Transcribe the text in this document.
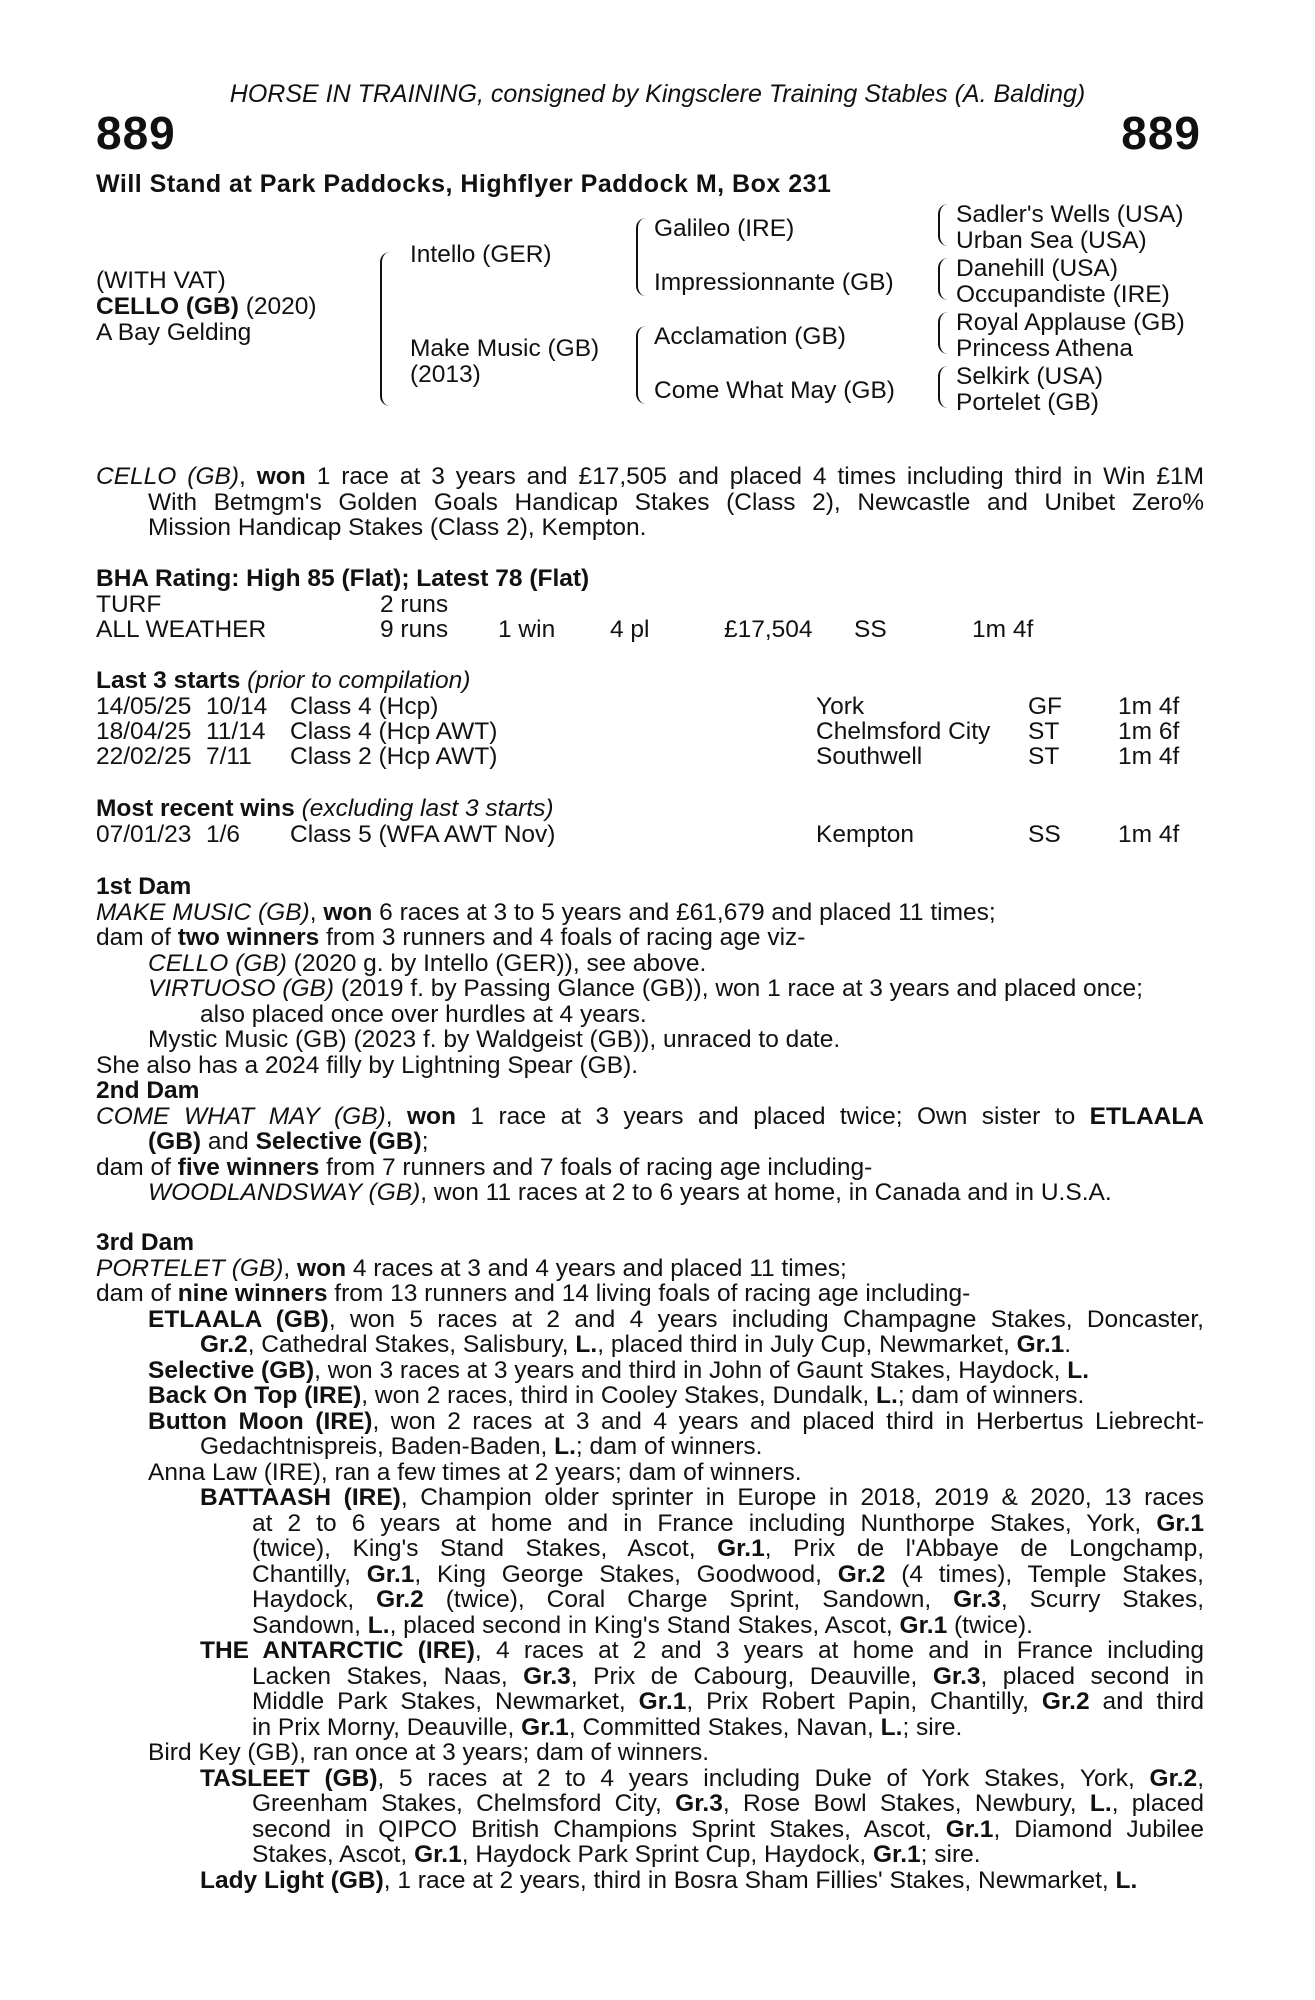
HORSE IN TRAINING, consigned by Kingsclere Training Stables (A. Balding)
889	889
Will Stand at Park Paddocks, Highflyer Paddock M, Box 231
(WITH VAT)
CELLO (GB) (2020)
A Bay Gelding
Intello (GER)
Make Music (GB)
(2013)
Galileo (IRE)
Impressionnante (GB)
Acclamation (GB)
Come What May (GB)
Sadler's Wells (USA)
Urban Sea (USA)
Danehill (USA)
Occupandiste (IRE)
Royal Applause (GB)
Princess Athena
Selkirk (USA)
Portelet (GB)

CELLO (GB), won 1 race at 3 years and £17,505 and placed 4 times including third in Win £1M

With Betmgm's Golden Goals Handicap Stakes (Class 2), Newcastle and Unibet Zero%

Mission Handicap Stakes (Class 2), Kempton.

BHA Rating: High 85 (Flat); Latest 78 (Flat)

TURF	2 runs
ALL WEATHER	9 runs 1 win 4 pl	£17,504 SS	1m 4f

Last 3 starts (prior to compilation)

14/05/25 10/14 Class 4 (Hcp)	York	GF 1m 4f
18/04/25 11/14 Class 4 (Hcp AWT)	Chelmsford City ST 1m 6f
22/02/25 7/11 Class 2 (Hcp AWT)	Southwell	ST 1m 4f

Most recent wins (excluding last 3 starts)

07/01/23 1/6 Class 5 (WFA AWT Nov)	Kempton	SS 1m 4f

1st Dam

MAKE MUSIC (GB), won 6 races at 3 to 5 years and £61,679 and placed 11 times;

dam of two winners from 3 runners and 4 foals of racing age viz-

CELLO (GB) (2020 g. by Intello (GER)), see above.

VIRTUOSO (GB) (2019 f. by Passing Glance (GB)), won 1 race at 3 years and placed once;

also placed once over hurdles at 4 years.

Mystic Music (GB) (2023 f. by Waldgeist (GB)), unraced to date.

She also has a 2024 filly by Lightning Spear (GB).

2nd Dam

COME WHAT MAY (GB), won 1 race at 3 years and placed twice; Own sister to ETLAALA

(GB) and Selective (GB);

dam of five winners from 7 runners and 7 foals of racing age including-

WOODLANDSWAY (GB), won 11 races at 2 to 6 years at home, in Canada and in U.S.A.

3rd Dam

PORTELET (GB), won 4 races at 3 and 4 years and placed 11 times;

dam of nine winners from 13 runners and 14 living foals of racing age including-

ETLAALA (GB), won 5 races at 2 and 4 years including Champagne Stakes, Doncaster,

Gr.2, Cathedral Stakes, Salisbury, L., placed third in July Cup, Newmarket, Gr.1.

Selective (GB), won 3 races at 3 years and third in John of Gaunt Stakes, Haydock, L.

Back On Top (IRE), won 2 races, third in Cooley Stakes, Dundalk, L.; dam of winners.

Button Moon (IRE), won 2 races at 3 and 4 years and placed third in Herbertus Liebrecht-

Gedachtnispreis, Baden-Baden, L.; dam of winners.

Anna Law (IRE), ran a few times at 2 years; dam of winners.

BATTAASH (IRE), Champion older sprinter in Europe in 2018, 2019 & 2020, 13 races

at 2 to 6 years at home and in France including Nunthorpe Stakes, York, Gr.1

(twice), King's Stand Stakes, Ascot, Gr.1, Prix de l'Abbaye de Longchamp,

Chantilly, Gr.1, King George Stakes, Goodwood, Gr.2 (4 times), Temple Stakes,

Haydock, Gr.2 (twice), Coral Charge Sprint, Sandown, Gr.3, Scurry Stakes,

Sandown, L., placed second in King's Stand Stakes, Ascot, Gr.1 (twice).

THE ANTARCTIC (IRE), 4 races at 2 and 3 years at home and in France including

Lacken Stakes, Naas, Gr.3, Prix de Cabourg, Deauville, Gr.3, placed second in

Middle Park Stakes, Newmarket, Gr.1, Prix Robert Papin, Chantilly, Gr.2 and third

in Prix Morny, Deauville, Gr.1, Committed Stakes, Navan, L.; sire.

Bird Key (GB), ran once at 3 years; dam of winners.

TASLEET (GB), 5 races at 2 to 4 years including Duke of York Stakes, York, Gr.2,

Greenham Stakes, Chelmsford City, Gr.3, Rose Bowl Stakes, Newbury, L., placed

second in QIPCO British Champions Sprint Stakes, Ascot, Gr.1, Diamond Jubilee

Stakes, Ascot, Gr.1, Haydock Park Sprint Cup, Haydock, Gr.1; sire.

Lady Light (GB), 1 race at 2 years, third in Bosra Sham Fillies' Stakes, Newmarket, L.
